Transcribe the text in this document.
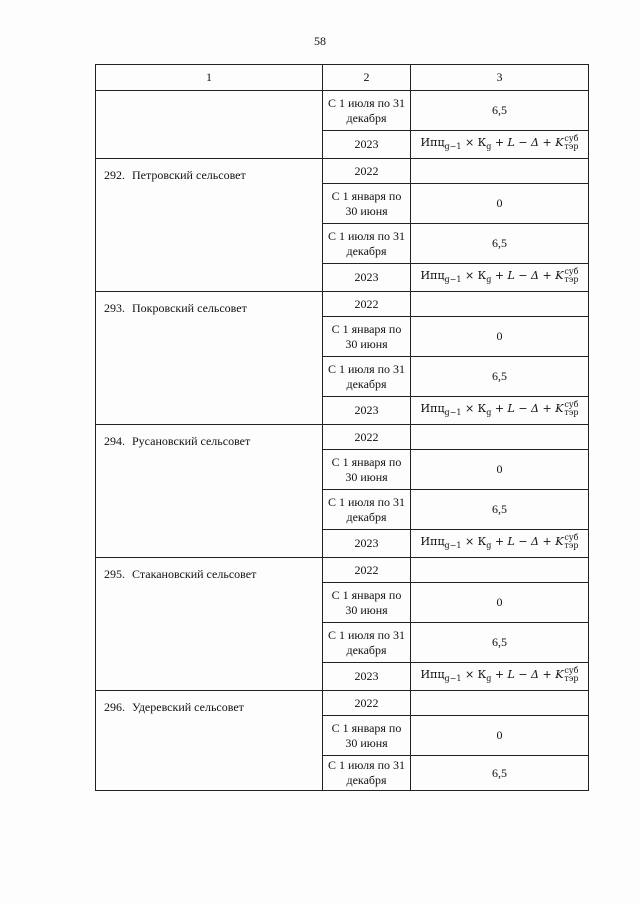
58
1	2	3
	С 1 июля по 31 декабря	6,5
	2023	$Ипц_{g-1} \times К_g + L - \Delta + K$ суб
тэр

292. Петровский сельсовет	2022	
	С 1 января по 30 июня	0
	С 1 июля по 31 декабря	6,5
	2023	$Ипц_{g-1} \times К_g + L - \Delta + K$ суб
тэр

293. Покровский сельсовет	2022	
	С 1 января по 30 июня	0
	С 1 июля по 31 декабря	6,5
	2023	$Ипц_{g-1} \times К_g + L - \Delta + K$ суб
тэр

294. Русановский сельсовет	2022	
	С 1 января по 30 июня	0
	С 1 июля по 31 декабря	6,5
	2023	$Ипц_{g-1} \times К_g + L - \Delta + K$ суб
тэр

295. Стакановский сельсовет	2022	
	С 1 января по 30 июня	0
	С 1 июля по 31 декабря	6,5
	2023	$Ипц_{g-1} \times К_g + L - \Delta + K$ суб
тэр

296. Удеревский сельсовет	2022	
	С 1 января по 30 июня	0
	С 1 июля по 31 декабря	6,5
